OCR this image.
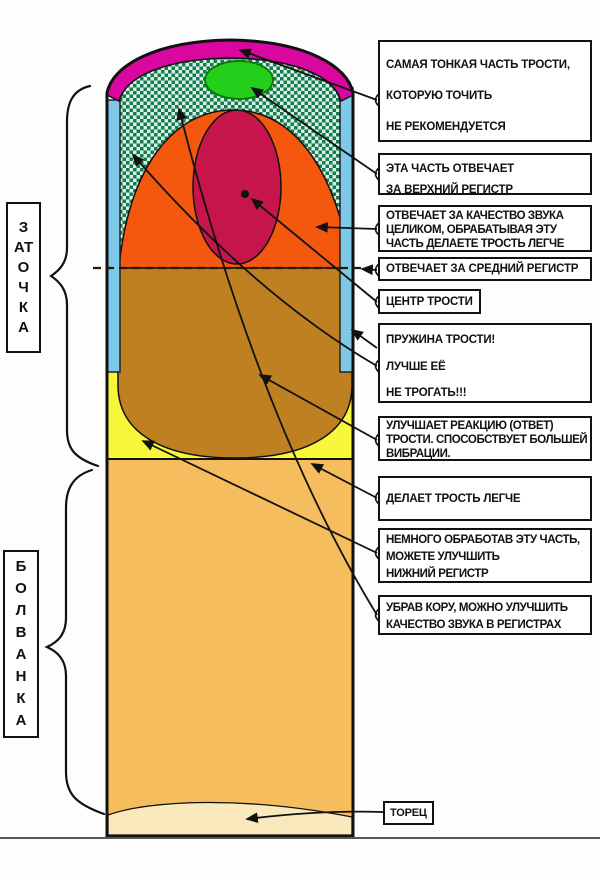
ЗАТОЧКА
БОЛВАНКА
САМАЯ ТОНКАЯ ЧАСТЬ ТРОСТИ,
КОТОРУЮ ТОЧИТЬ
НЕ РЕКОМЕНДУЕТСЯ
ЭТА ЧАСТЬ ОТВЕЧАЕТ
ЗА ВЕРХНИЙ РЕГИСТР
ОТВЕЧАЕТ ЗА КАЧЕСТВО ЗВУКА
ЦЕЛИКОМ, ОБРАБАТЫВАЯ ЭТУ
ЧАСТЬ ДЕЛАЕТЕ ТРОСТЬ ЛЕГЧЕ
ОТВЕЧАЕТ ЗА СРЕДНИЙ РЕГИСТР
ЦЕНТР ТРОСТИ
ПРУЖИНА ТРОСТИ!
ЛУЧШЕ ЕЁ
НЕ ТРОГАТЬ!!!
УЛУЧШАЕТ РЕАКЦИЮ (ОТВЕТ)
ТРОСТИ. СПОСОБСТВУЕТ БОЛЬШЕЙ
ВИБРАЦИИ.
ДЕЛАЕТ ТРОСТЬ ЛЕГЧЕ
НЕМНОГО ОБРАБОТАВ ЭТУ ЧАСТЬ,
МОЖЕТЕ УЛУЧШИТЬ
НИЖНИЙ РЕГИСТР
УБРАВ КОРУ, МОЖНО УЛУЧШИТЬ
КАЧЕСТВО ЗВУКА В РЕГИСТРАХ
ТОРЕЦ
